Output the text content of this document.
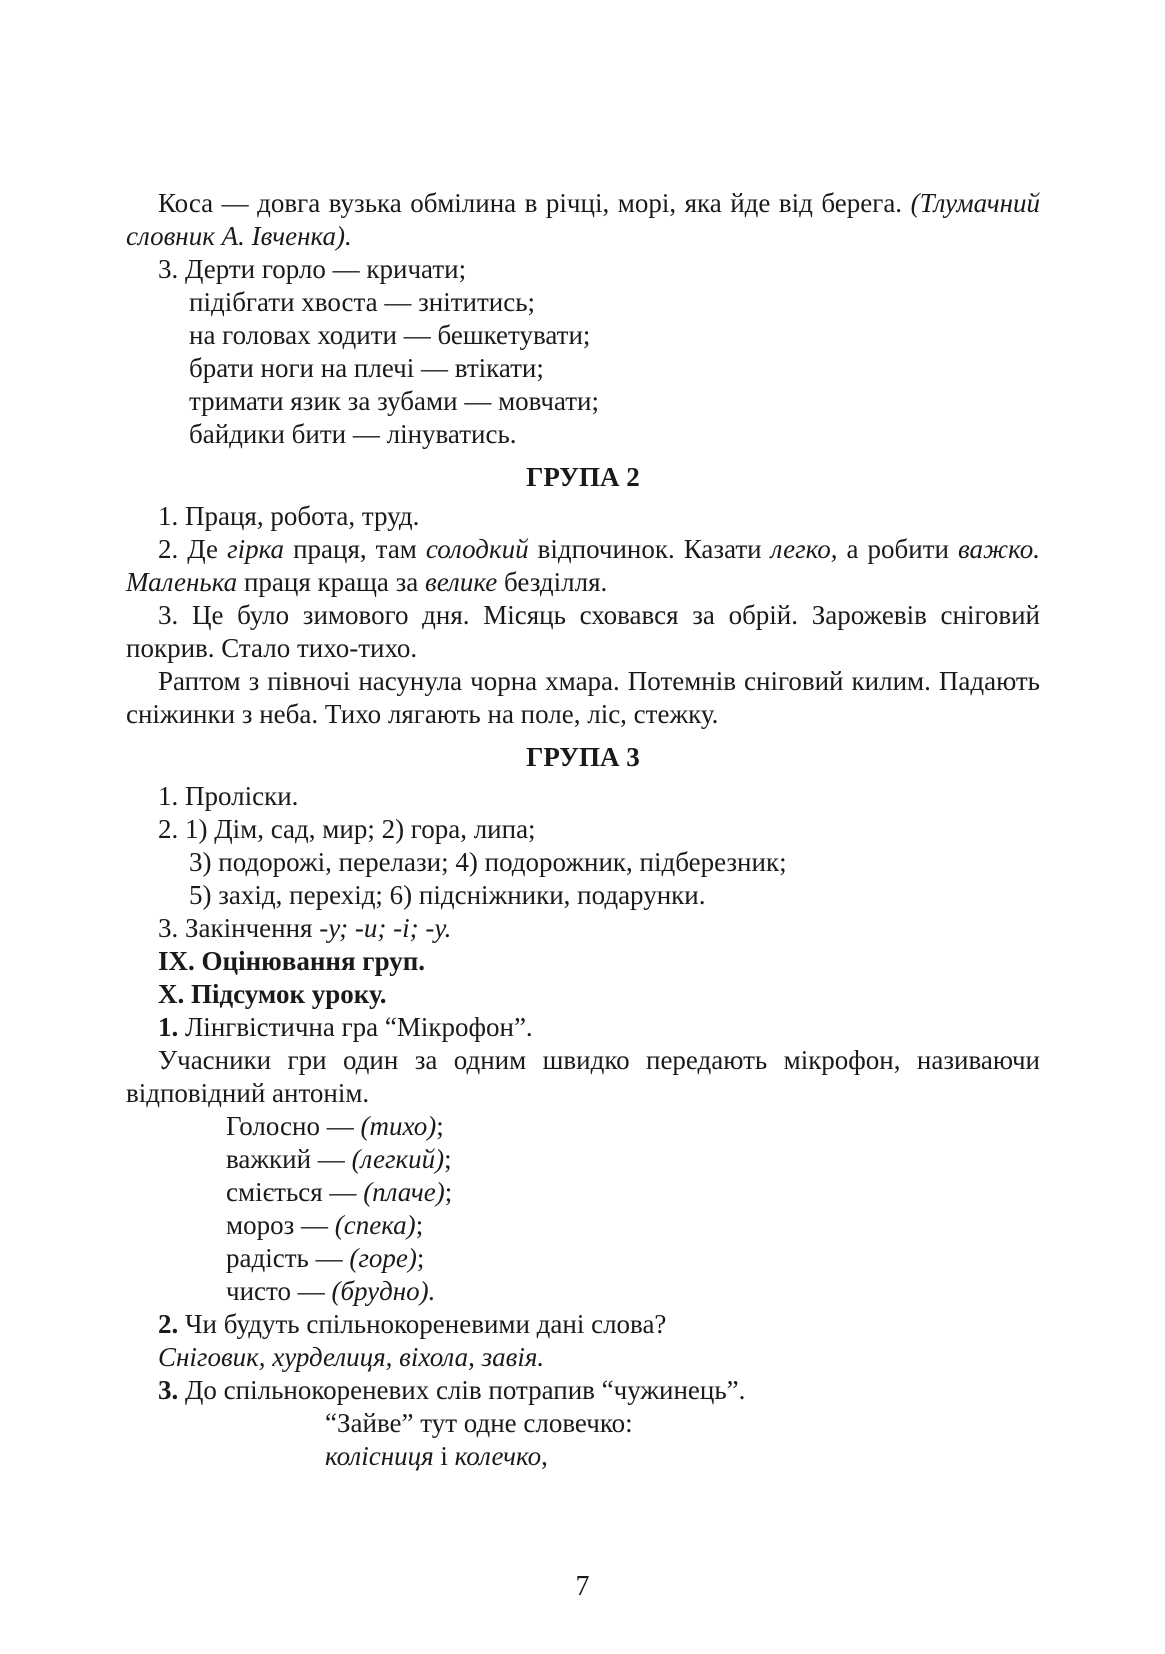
Коса — довга вузька обмілина в річці, морі, яка йде від берега. (Тлумачний словник А. Івченка).

3. Дерти горло — кричати;

підібгати хвоста — знітитись;

на головах ходити — бешкетувати;

брати ноги на плечі — втікати;

тримати язик за зубами — мовчати;

байдики бити — лінуватись.

ГРУПА 2

1. Праця, робота, труд.

2. Де гірка праця, там солодкий відпочинок. Казати легко, а робити важко. Маленька праця краща за велике безділля.

3. Це було зимового дня. Місяць сховався за обрій. Зарожевів сніговий покрив. Стало тихо-тихо.

Раптом з півночі насунула чорна хмара. Потемнів сніговий килим. Падають сніжинки з неба. Тихо лягають на поле, ліс, стежку.

ГРУПА 3

1. Проліски.

2. 1) Дім, сад, мир; 2) гора, липа;

3) подорожі, перелази; 4) подорожник, підберезник;

5) захід, перехід; 6) підсніжники, подарунки.

3. Закінчення -у; -и; -і; -у.

IX. Оцінювання груп.

X. Підсумок уроку.

1. Лінгвістична гра “Мікрофон”.

Учасники гри один за одним швидко передають мікрофон, називаючи відповідний антонім.

Голосно — (тихо);

важкий — (легкий);

сміється — (плаче);

мороз — (спека);

радість — (горе);

чисто — (брудно).

2. Чи будуть спільнокореневими дані слова?

Сніговик, хурделиця, віхола, завія.

3. До спільнокореневих слів потрапив “чужинець”.

“Зайве” тут одне словечко:

колісниця і колечко,

7
